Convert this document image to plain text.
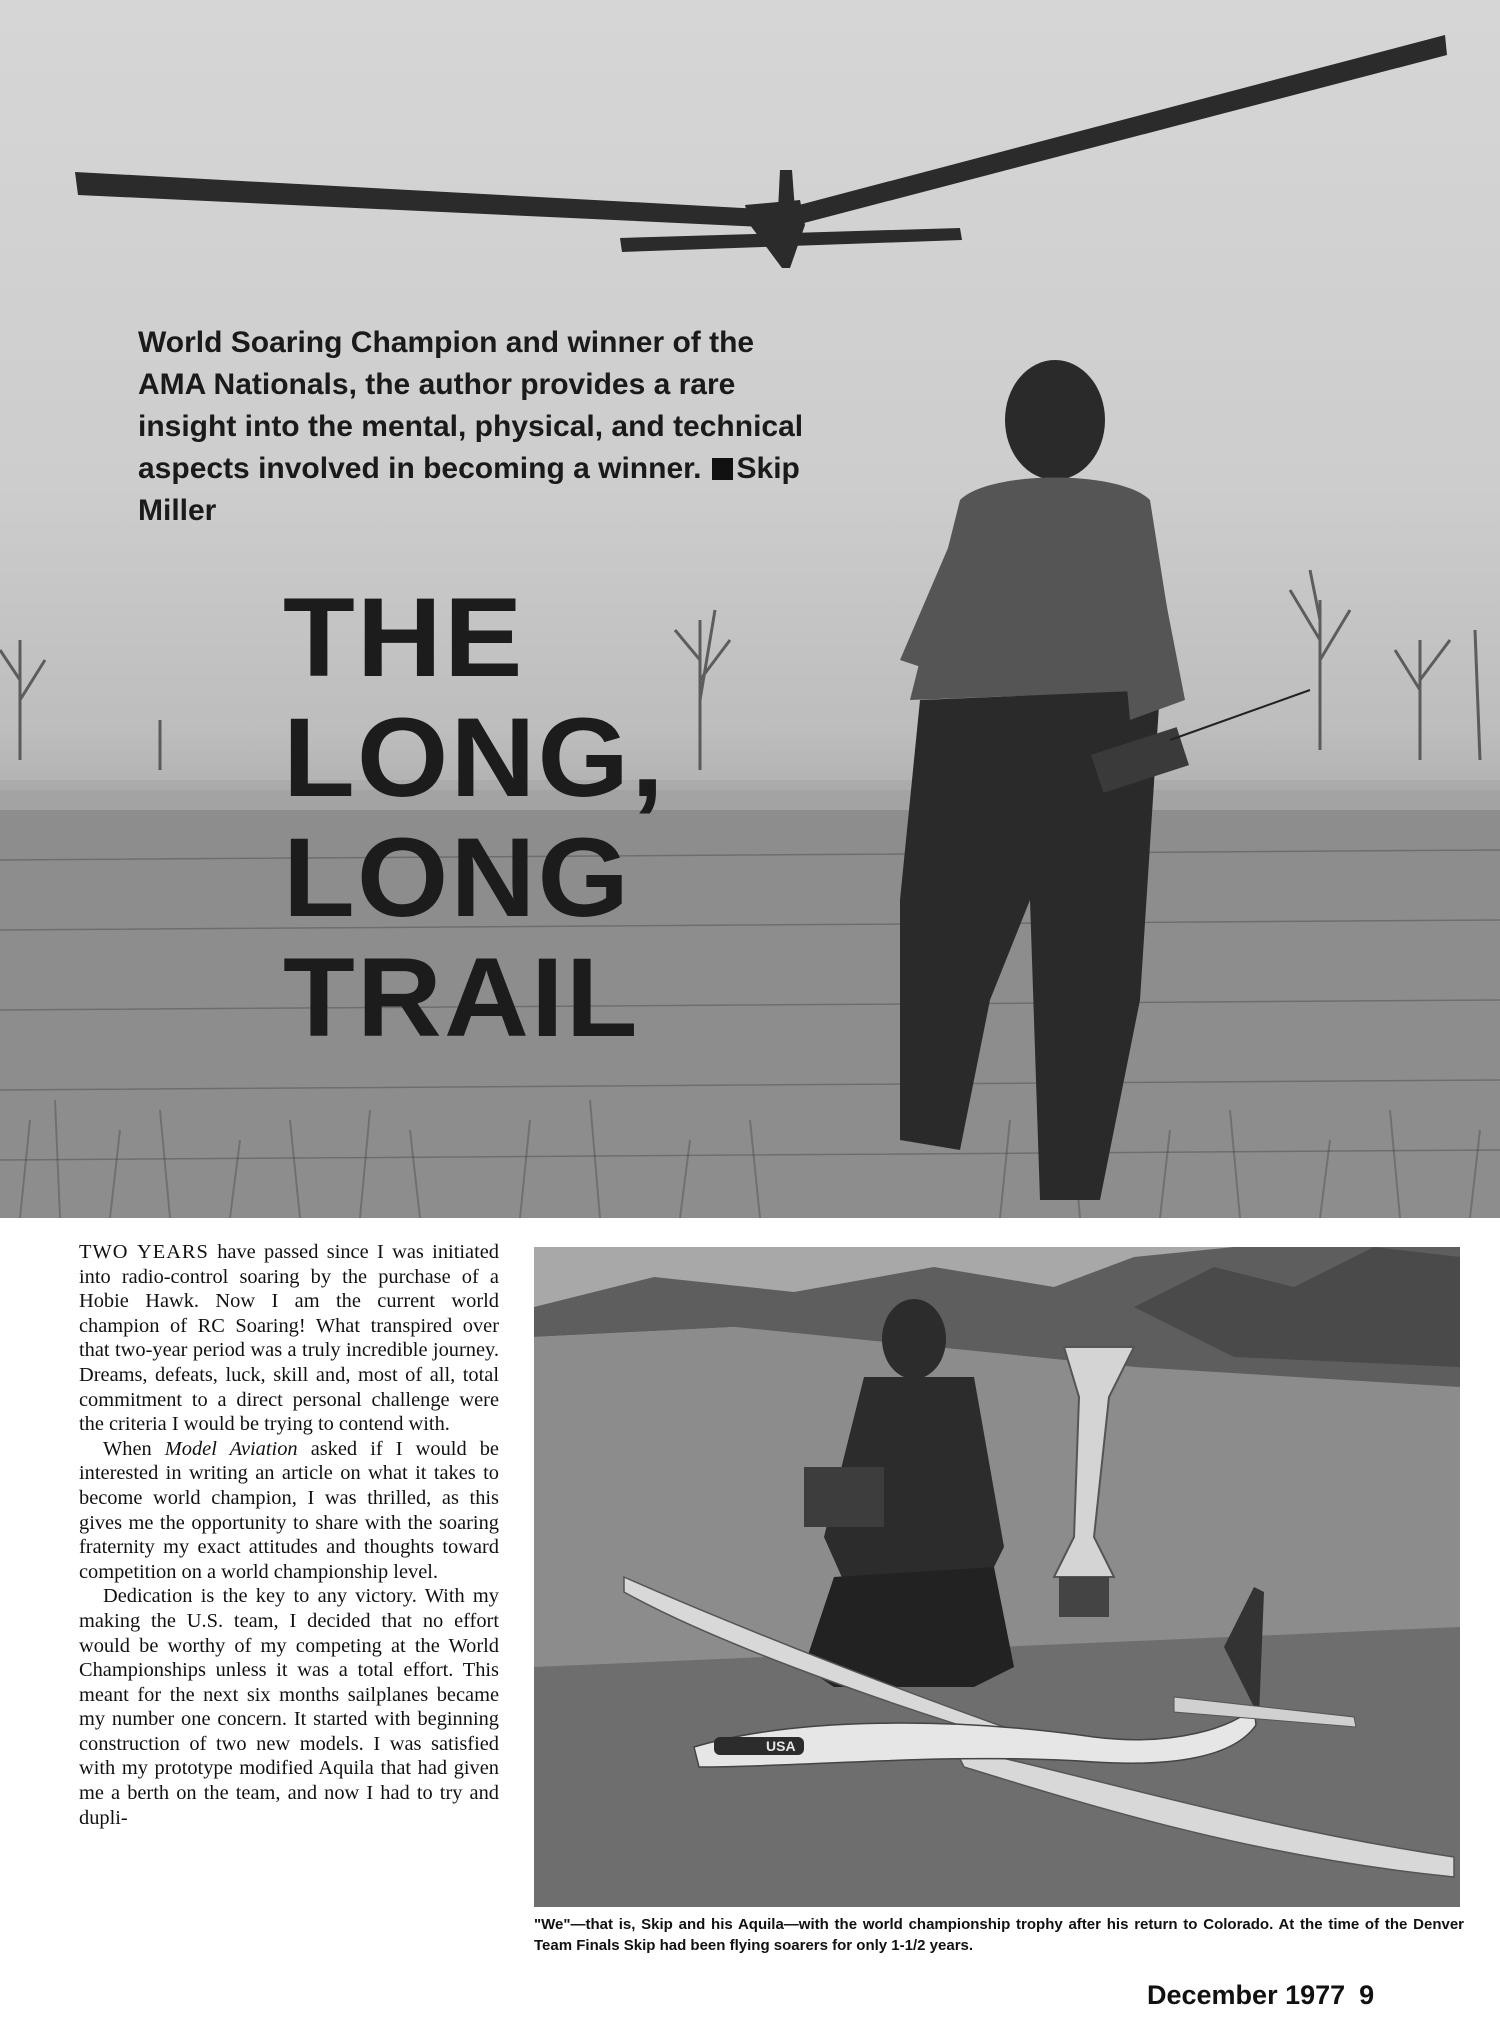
World Soaring Champion and winner of the AMA Nationals, the author provides a rare insight into the mental, physical, and technical aspects involved in becoming a winner. Skip Miller
THE
LONG,
LONG
TRAIL

TWO YEARS have passed since I was initiated into radio-control soaring by the purchase of a Hobie Hawk. Now I am the current world champion of RC Soaring! What transpired over that two-year period was a truly incredible journey. Dreams, defeats, luck, skill and, most of all, total commitment to a direct personal challenge were the criteria I would be trying to contend with.

When Model Aviation asked if I would be interested in writing an article on what it takes to become world champion, I was thrilled, as this gives me the opportunity to share with the soaring fraternity my exact attitudes and thoughts toward competition on a world championship level.

Dedication is the key to any victory. With my making the U.S. team, I decided that no effort would be worthy of my competing at the World Championships unless it was a total effort. This meant for the next six months sailplanes became my number one concern. It started with beginning construction of two new models. I was satisfied with my prototype modified Aquila that had given me a berth on the team, and now I had to try and dupli-

USA
"We"—that is, Skip and his Aquila—with the world championship trophy after his return to Colorado. At the time of the Denver Team Finals Skip had been flying soarers for only 1-1/2 years.
December 1977 9
